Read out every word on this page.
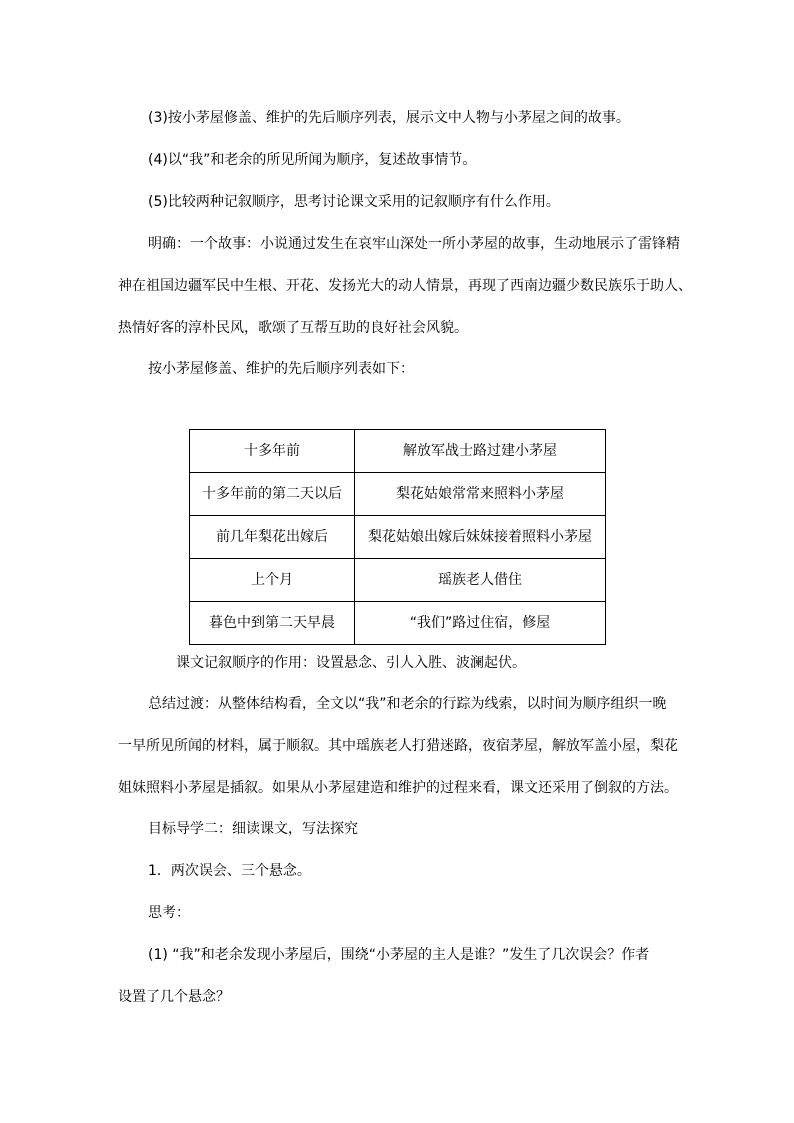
(3)按小茅屋修盖、维护的先后顺序列表，展示文中人物与小茅屋之间的故事。
(4)以“我”和老余的所见所闻为顺序，复述故事情节。
(5)比较两种记叙顺序，思考讨论课文采用的记叙顺序有什么作用。
明确：一个故事：小说通过发生在哀牢山深处一所小茅屋的故事，生动地展示了雷锋精
神在祖国边疆军民中生根、开花、发扬光大的动人情景，再现了西南边疆少数民族乐于助人、
热情好客的淳朴民风，歌颂了互帮互助的良好社会风貌。
按小茅屋修盖、维护的先后顺序列表如下：
十多年前	解放军战士路过建小茅屋
十多年前的第二天以后	梨花姑娘常常来照料小茅屋
前几年梨花出嫁后	梨花姑娘出嫁后妹妹接着照料小茅屋
上个月	瑶族老人借住
暮色中到第二天早晨	“我们”路过住宿，修屋
课文记叙顺序的作用：设置悬念、引人入胜、波澜起伏。
总结过渡：从整体结构看，全文以“我”和老余的行踪为线索，以时间为顺序组织一晚
一早所见所闻的材料，属于顺叙。其中瑶族老人打猎迷路，夜宿茅屋，解放军盖小屋，梨花
姐妹照料小茅屋是插叙。如果从小茅屋建造和维护的过程来看，课文还采用了倒叙的方法。
目标导学二：细读课文，写法探究
1．两次误会、三个悬念。
思考：
(1) “我”和老余发现小茅屋后，围绕“小茅屋的主人是谁？”发生了几次误会？作者
设置了几个悬念？
